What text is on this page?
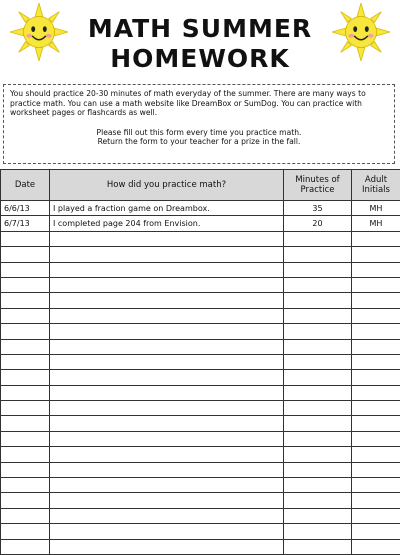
MATH SUMMER
HOMEWORK

You should practice 20-30 minutes of math everyday of the summer. There are many ways to practice math. You can use a math website like DreamBox or SumDog. You can practice with worksheet pages or flashcards as well.

Please fill out this form every time you practice math.

Return the form to your teacher for a prize in the fall.

Date	How did you practice math?	Minutes of Practice	Adult Initials
6/6/13	I played a fraction game on Dreambox.	35	MH
6/7/13	I completed page 204 from Envision.	20	MH
